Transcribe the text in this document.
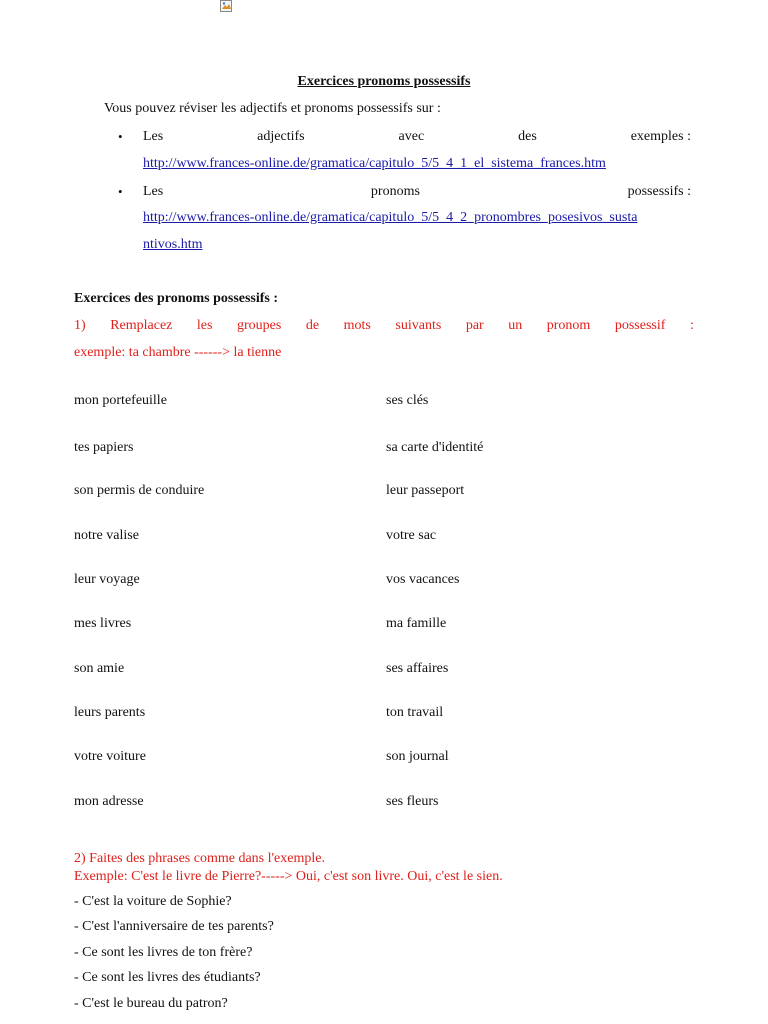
Exercices pronoms possessifs
Vous pouvez réviser les adjectifs et pronoms possessifs sur :
• Les	adjectifs	avec	des	exemples :
http://www.frances-online.de/gramatica/capitulo_5/5_4_1_el_sistema_frances.htm
• Les	pronoms	possessifs :
http://www.frances-online.de/gramatica/capitulo_5/5_4_2_pronombres_posesivos_susta
ntivos.htm
Exercices des pronoms possessifs :
1) Remplacez les groupes de mots suivants par un pronom possessif :
exemple: ta chambre ------> la tienne
mon portefeuille	ses clés
tes papiers	sa carte d'identité
son permis de conduire	leur passeport
notre valise	votre sac
leur voyage	vos vacances
mes livres	ma famille
son amie	ses affaires
leurs parents	ton travail
votre voiture	son journal
mon adresse	ses fleurs
2) Faites des phrases comme dans l'exemple.
Exemple: C'est le livre de Pierre?-----> Oui, c'est son livre. Oui, c'est le sien.
- C'est la voiture de Sophie?
- C'est l'anniversaire de tes parents?
- Ce sont les livres de ton frère?
- Ce sont les livres des étudiants?
- C'est le bureau du patron?
